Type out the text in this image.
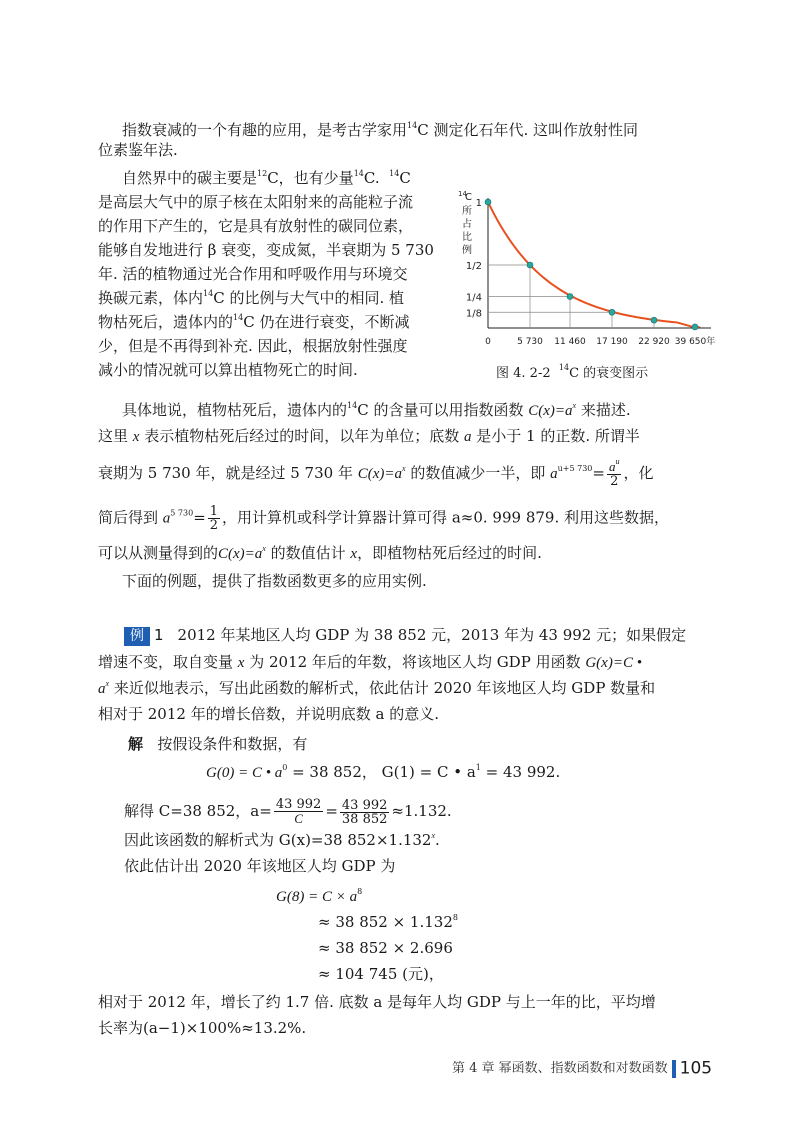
指数衰减的一个有趣的应用，是考古学家用$^{14}$C 测定化石年代. 这叫作放射性同
位素鉴年法.
自然界中的碳主要是$^{12}$C，也有少量$^{14}$C. $^{14}$C
是高层大气中的原子核在太阳射来的高能粒子流
的作用下产生的，它是具有放射性的碳同位素，
能够自发地进行 β 衰变，变成氮，半衰期为 5 730
年. 活的植物通过光合作用和呼吸作用与环境交
换碳元素，体内$^{14}$C 的比例与大气中的相同. 植
物枯死后，遗体内的$^{14}$C 仍在进行衰变，不断减
少，但是不再得到补充. 因此，根据放射性强度
减小的情况就可以算出植物死亡的时间.
1
1/2
1/4
1/8
0	5 730 11 460 17 190 22 920 39 650年
14
C
所
占
比
例
图 4. 2-2 $^{14}$C 的衰变图示
具体地说，植物枯死后，遗体内的$^{14}$C 的含量可以用指数函数 $C(x)=a^x$ 来描述.
这里 x 表示植物枯死后经过的时间，以年为单位；底数 a 是小于 1 的正数. 所谓半
衰期为 5 730 年，就是经过 5 730 年 $C(x)=a^x$ 的数值减少一半，即 $a^{u+5 730}= \frac{a^u}{2}$ ，化
简后得到 $a^{5 730}= \frac{1}{2}$ ，用计算机或科学计算器计算可得 a≈0. 999 879. 利用这些数据，
可以从测量得到的$C(x)=a^x$ 的数值估计 x，即植物枯死后经过的时间.
下面的例题，提供了指数函数更多的应用实例.
例 1 2012 年某地区人均 GDP 为 38 852 元，2013 年为 43 992 元；如果假定
增速不变，取自变量 x 为 2012 年后的年数，将该地区人均 GDP 用函数 G(x)=C •
$a^x$ 来近似地表示，写出此函数的解析式，依此估计 2020 年该地区人均 GDP 数量和
相对于 2012 年的增长倍数，并说明底数 a 的意义.
解 按假设条件和数据，有
G(0) = C • $a^0 = 38$ 852， G(1) = C • $a^1 = 43$ 992.
解得 C=38 852，$a= \frac{43 992}{C} = \frac{43 992}{38 852} \approx 1.132$.
因此该函数的解析式为 G(x)=38 $852\times 1.132^x$.
依此估计出 2020 年该地区人均 GDP 为
$G(8) = C \times a^8$
≈ 38 $852 \times 1.132^8$
≈ 38 852 × 2.696
≈ 104 745 (元)，
相对于 2012 年，增长了约 1.7 倍. 底数 a 是每年人均 GDP 与上一年的比，平均增
长率为(a−1)×100%≈13.2%.
第 4 章 幂函数、指数函数和对数函数 105
